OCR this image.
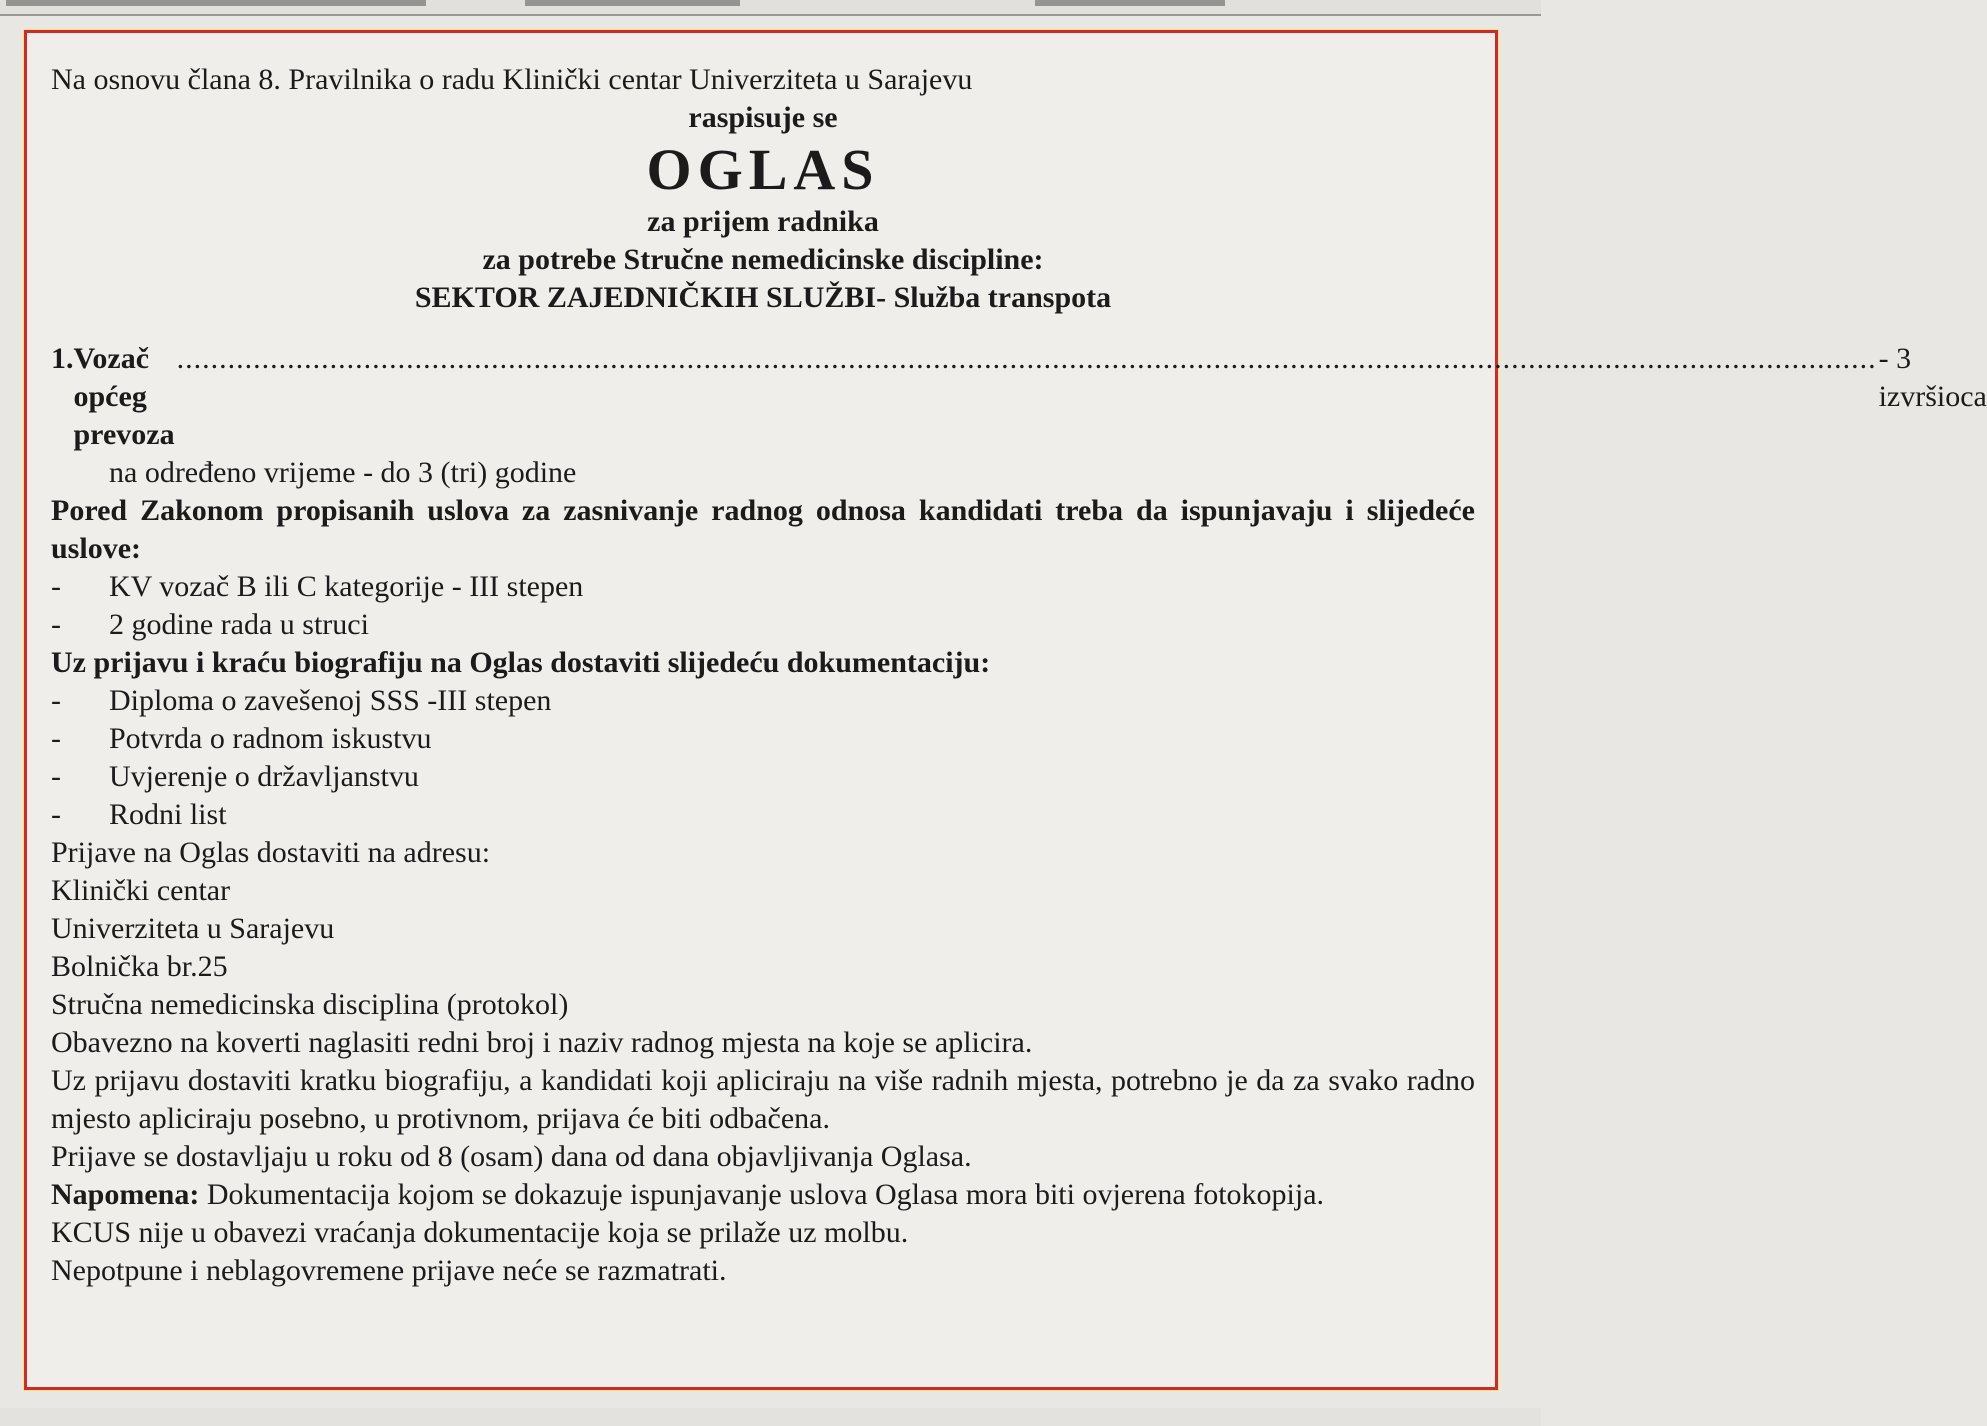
Na osnovu člana 8. Pravilnika o radu Klinički centar Univerziteta u Sarajevu

raspisuje se

OGLAS

za prijem radnika

za potrebe Stručne nemedicinske discipline:

SEKTOR ZAJEDNIČKIH SLUŽBI- Služba transpota

1. Vozač općeg prevoza
........................................................................................................................................................................................................ - 3 izvršioca

na određeno vrijeme - do 3 (tri) godine

Pored Zakonom propisanih uslova za zasnivanje radnog odnosa kandidati treba da ispunjavaju i slijedeće uslove:

-	KV vozač B ili C kategorije - III stepen
-	2 godine rada u struci

Uz prijavu i kraću biografiju na Oglas dostaviti slijedeću dokumentaciju:

-	Diploma o zavešenoj SSS -III stepen
-	Potvrda o radnom iskustvu
-	Uvjerenje o državljanstvu
-	Rodni list

Prijave na Oglas dostaviti na adresu:

Klinički centar

Univerziteta u Sarajevu

Bolnička br.25

Stručna nemedicinska disciplina (protokol)

Obavezno na koverti naglasiti redni broj i naziv radnog mjesta na koje se aplicira.

Uz prijavu dostaviti kratku biografiju, a kandidati koji apliciraju na više radnih mjesta, potrebno je da za svako radno mjesto apliciraju posebno, u protivnom, prijava će biti odbačena.

Prijave se dostavljaju u roku od 8 (osam) dana od dana objavljivanja Oglasa.

Napomena: Dokumentacija kojom se dokazuje ispunjavanje uslova Oglasa mora biti ovjerena fotokopija.

KCUS nije u obavezi vraćanja dokumentacije koja se prilaže uz molbu.

Nepotpune i neblagovremene prijave neće se razmatrati.
